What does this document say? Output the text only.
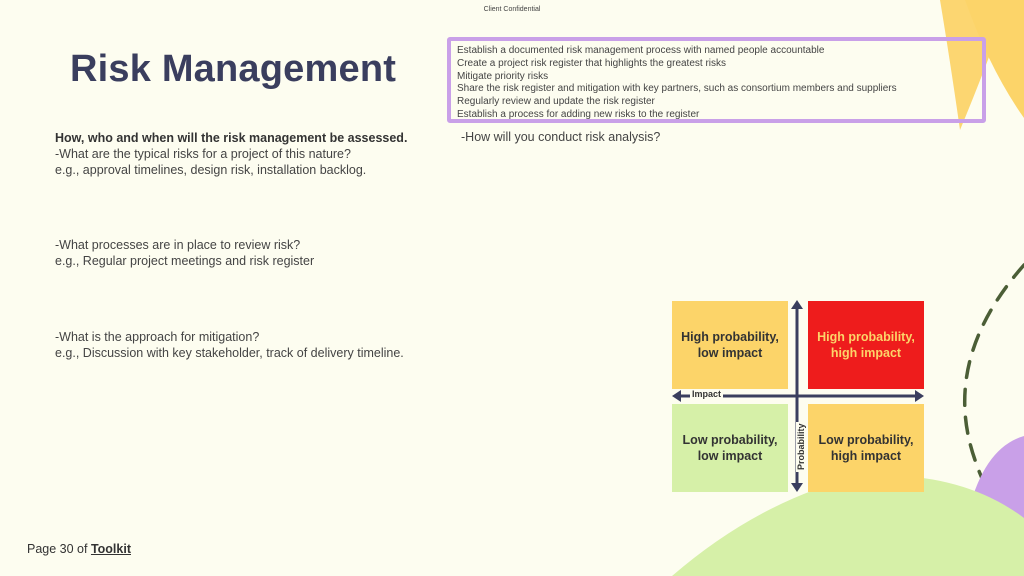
Client Confidential
Risk Management	Establish a documented risk management process with named people accountable
Create a project risk register that highlights the greatest risks
Mitigate priority risks
Share the risk register and mitigation with key partners, such as consortium members and suppliers
Regularly review and update the risk register
Establish a process for adding new risks to the register
How, who and when will the risk management be assessed.
-What are the typical risks for a project of this nature?
e.g., approval timelines, design risk, installation backlog.
-What processes are in place to review risk?
e.g., Regular project meetings and risk register
-What is the approach for mitigation?
e.g., Discussion with key stakeholder, track of delivery timeline.
-How will you conduct risk analysis?
High probability, low impact
High probability, high impact
Low probability, low impact
Low probability, high impact
Impact
Probability
Page 30 of Toolkit
